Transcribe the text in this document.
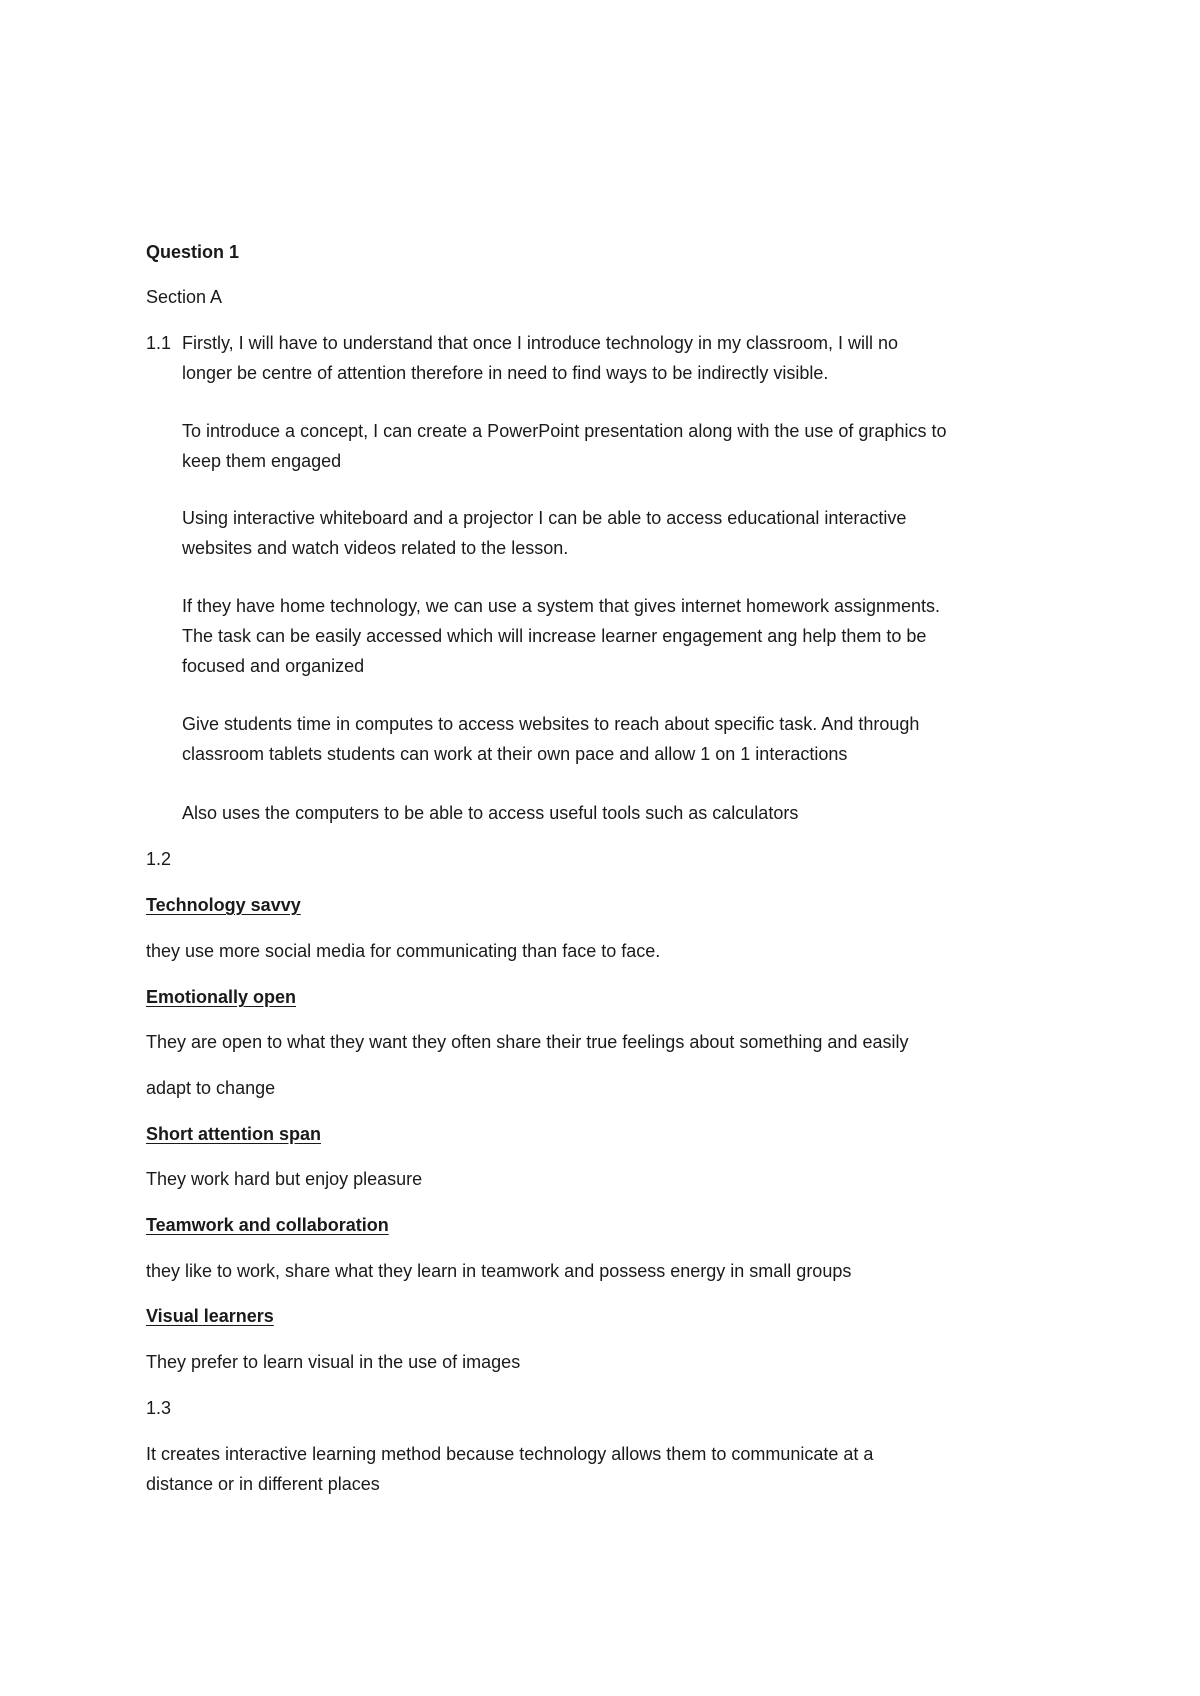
Question 1

Section A

1.1 Firstly, I will have to understand that once I introduce technology in my classroom, I will no

longer be centre of attention therefore in need to find ways to be indirectly visible.

To introduce a concept, I can create a PowerPoint presentation along with the use of graphics to

keep them engaged

Using interactive whiteboard and a projector I can be able to access educational interactive

websites and watch videos related to the lesson.

If they have home technology, we can use a system that gives internet homework assignments.

The task can be easily accessed which will increase learner engagement ang help them to be

focused and organized

Give students time in computes to access websites to reach about specific task. And through

classroom tablets students can work at their own pace and allow 1 on 1 interactions

Also uses the computers to be able to access useful tools such as calculators

1.2

Technology savvy

they use more social media for communicating than face to face.

Emotionally open

They are open to what they want they often share their true feelings about something and easily

adapt to change

Short attention span

They work hard but enjoy pleasure

Teamwork and collaboration

they like to work, share what they learn in teamwork and possess energy in small groups

Visual learners

They prefer to learn visual in the use of images

1.3

It creates interactive learning method because technology allows them to communicate at a

distance or in different places
